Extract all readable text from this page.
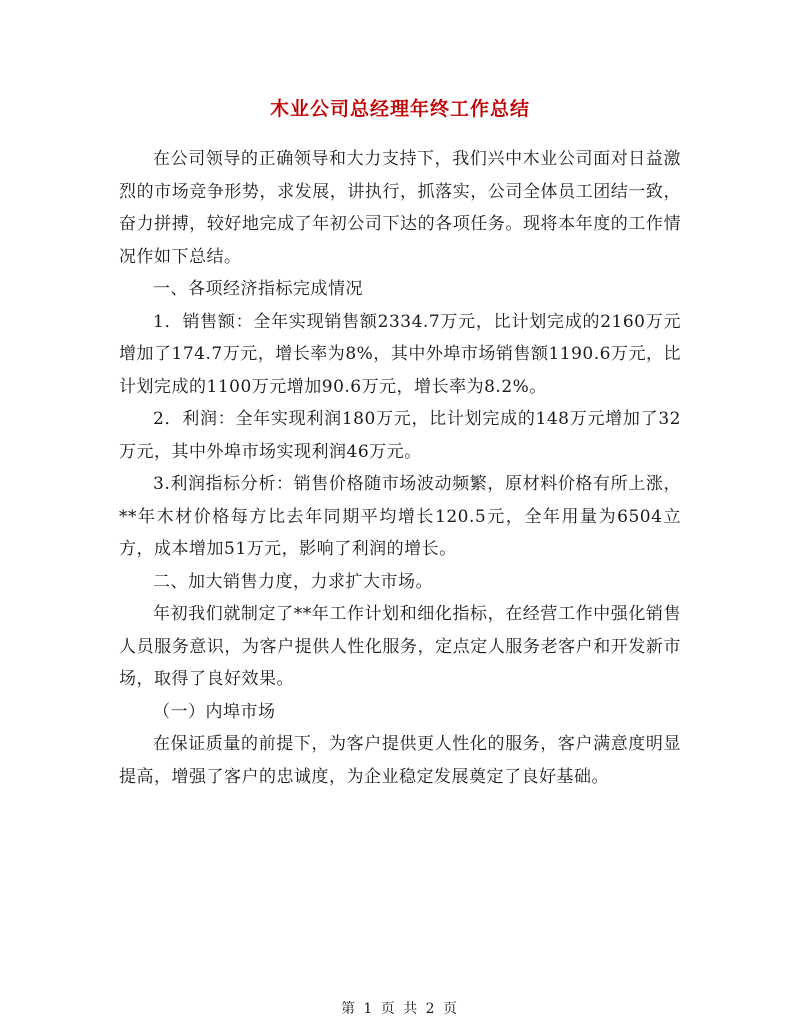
木业公司总经理年终工作总结

在公司领导的正确领导和大力支持下，我们兴中木业公司面对日益激烈的市场竞争形势，求发展，讲执行，抓落实，公司全体员工团结一致，奋力拼搏，较好地完成了年初公司下达的各项任务。现将本年度的工作情况作如下总结。

一、各项经济指标完成情况

1．销售额：全年实现销售额2334.7万元，比计划完成的2160万元增加了174.7万元，增长率为8%，其中外埠市场销售额1190.6万元，比计划完成的1100万元增加90.6万元，增长率为8.2%。

2．利润：全年实现利润180万元，比计划完成的148万元增加了32万元，其中外埠市场实现利润46万元。

3.利润指标分析：销售价格随市场波动频繁，原材料价格有所上涨，**年木材价格每方比去年同期平均增长120.5元，全年用量为6504立方，成本增加51万元，影响了利润的增长。

二、加大销售力度，力求扩大市场。

年初我们就制定了**年工作计划和细化指标，在经营工作中强化销售人员服务意识，为客户提供人性化服务，定点定人服务老客户和开发新市场，取得了良好效果。

（一）内埠市场

在保证质量的前提下，为客户提供更人性化的服务，客户满意度明显提高，增强了客户的忠诚度，为企业稳定发展奠定了良好基础。

第 1 页 共 2 页
